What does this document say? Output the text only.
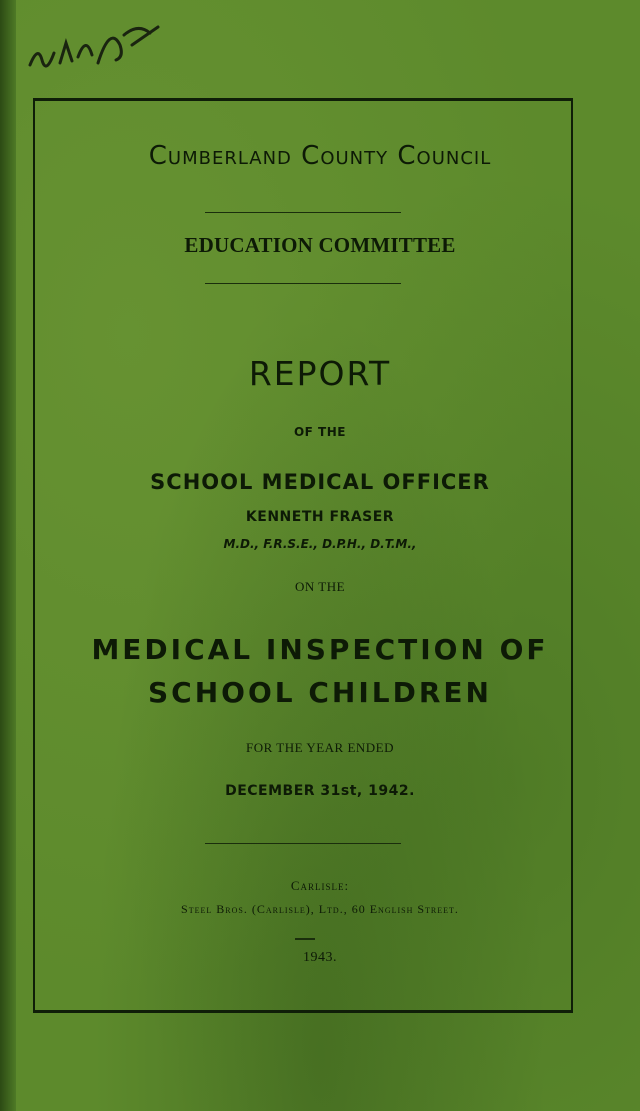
Cumberland County Council

EDUCATION COMMITTEE

REPORT

OF THE

SCHOOL MEDICAL OFFICER

KENNETH FRASER

M.D., F.R.S.E., D.P.H., D.T.M.,

ON THE

MEDICAL INSPECTION OF

SCHOOL CHILDREN

FOR THE YEAR ENDED

DECEMBER 31st, 1942.

Carlisle:

Steel Bros. (Carlisle), Ltd., 60 English Street.

1943.
